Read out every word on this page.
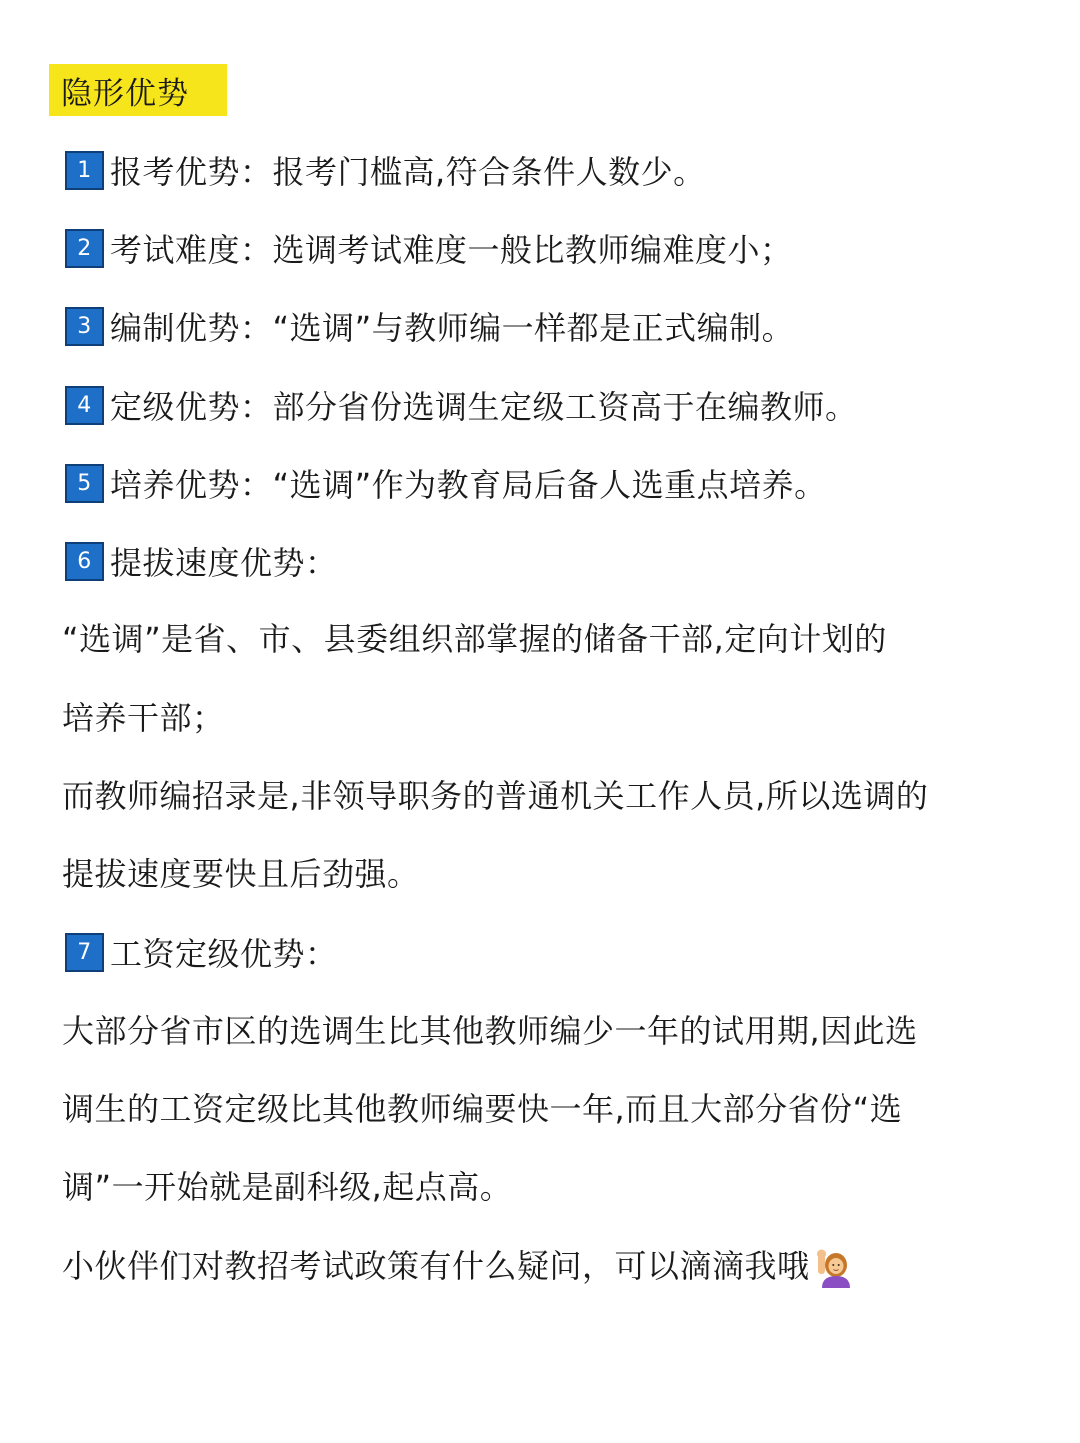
隐形优势
1 报考优势：报考门槛高,符合条件人数少。
2 考试难度：选调考试难度一般比教师编难度小；
3 编制优势：“选调”与教师编一样都是正式编制。
4 定级优势：部分省份选调生定级工资高于在编教师。
5 培养优势：“选调”作为教育局后备人选重点培养。
6 提拔速度优势：
“选调”是省、市、县委组织部掌握的储备干部,定向计划的
培养干部；
而教师编招录是,非领导职务的普通机关工作人员,所以选调的
提拔速度要快且后劲强。
7 工资定级优势：
大部分省市区的选调生比其他教师编少一年的试用期,因此选
调生的工资定级比其他教师编要快一年,而且大部分省份“选
调”一开始就是副科级,起点高。
小伙伴们对教招考试政策有什么疑问，可以滴滴我哦
